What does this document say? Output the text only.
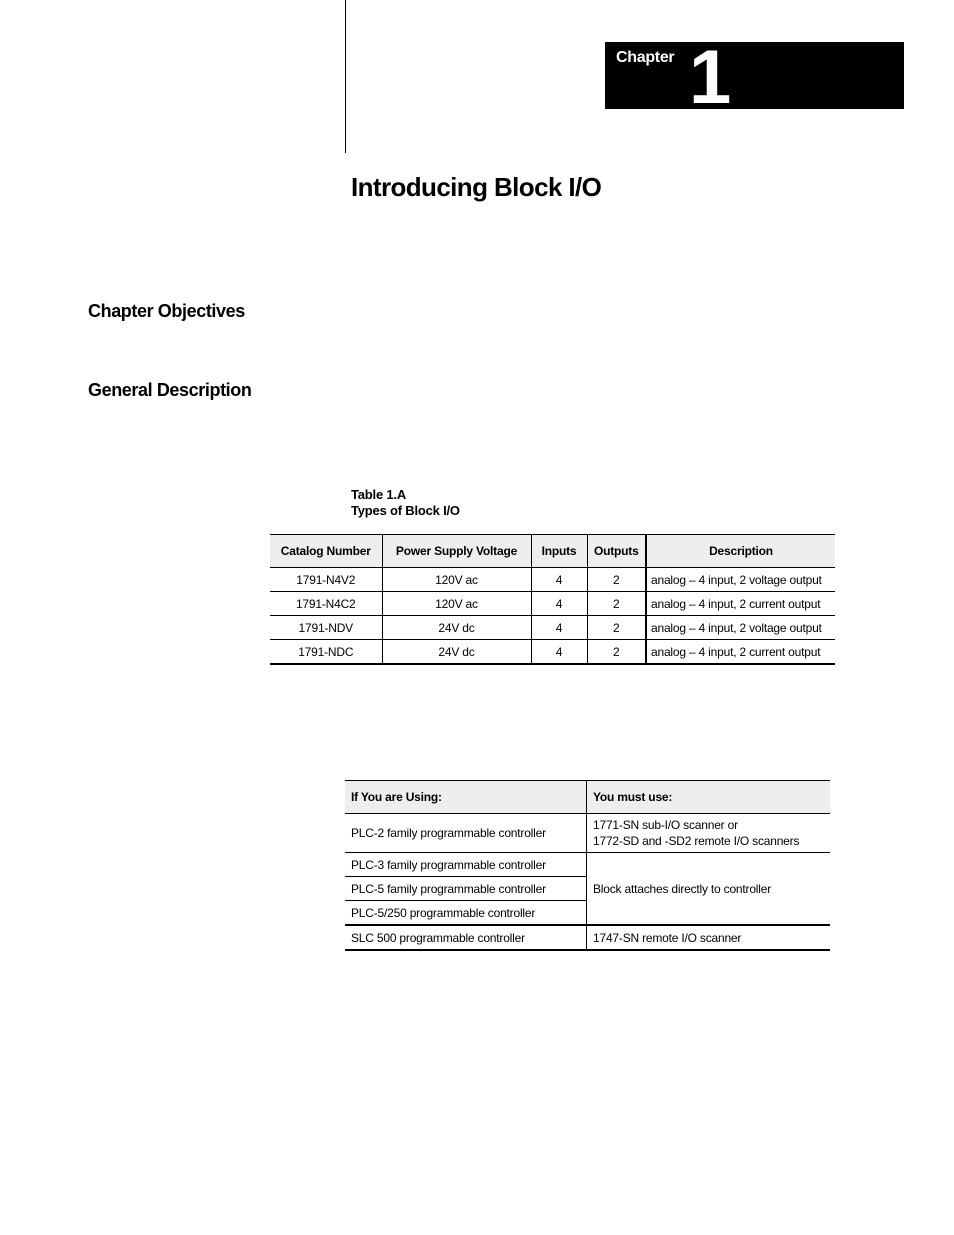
Chapter 1
Introducing Block I/O
Chapter Objectives
General Description
Table 1.A
Types of Block I/O
Catalog Number	Power Supply Voltage	Inputs	Outputs	Description
1791-N4V2	120V ac	4	2	analog – 4 input, 2 voltage output
1791-N4C2	120V ac	4	2	analog – 4 input, 2 current output
1791-NDV	24V dc	4	2	analog – 4 input, 2 voltage output
1791-NDC	24V dc	4	2	analog – 4 input, 2 current output
If You are Using:	You must use:
PLC-2 family programmable controller	1771-SN sub-I/O scanner or
1772-SD and -SD2 remote I/O scanners

PLC-3 family programmable controller	Block attaches directly to controller
PLC-5 family programmable controller	
PLC-5/250 programmable controller	
SLC 500 programmable controller	1747-SN remote I/O scanner
